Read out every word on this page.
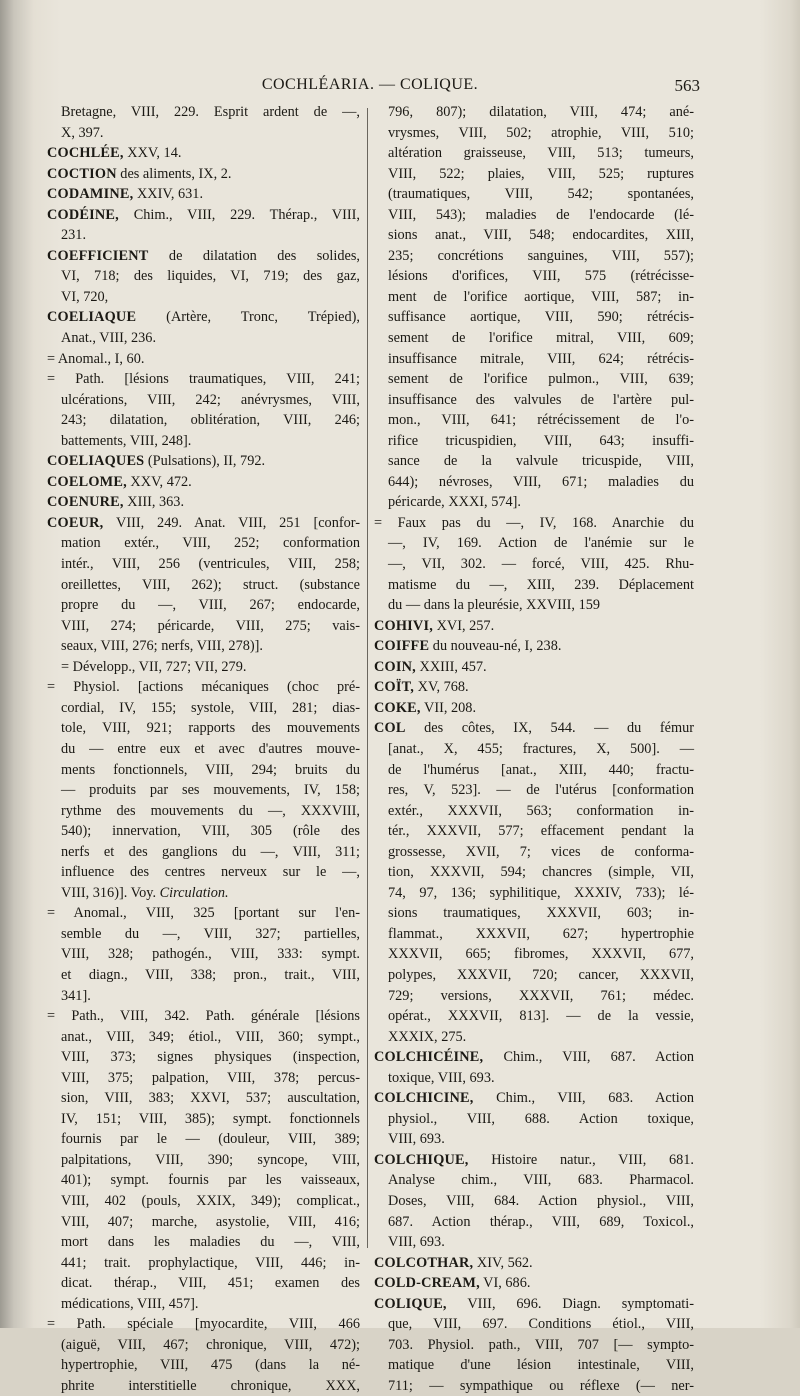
COCHLÉARIA. — COLIQUE.	563
Bretagne, VIII, 229. Esprit ardent de —,
X, 397.
COCHLÉE, XXV, 14.
COCTION des aliments, IX, 2.
CODAMINE, XXIV, 631.
CODÉINE, Chim., VIII, 229. Thérap., VIII,
231.
COEFFICIENT de dilatation des solides,
VI, 718; des liquides, VI, 719; des gaz,
VI, 720,
COELIAQUE (Artère, Tronc, Trépied),
Anat., VIII, 236.
= Anomal., I, 60.
= Path. [lésions traumatiques, VIII, 241;
ulcérations, VIII, 242; anévrysmes, VIII,
243; dilatation, oblitération, VIII, 246;
battements, VIII, 248].
COELIAQUES (Pulsations), II, 792.
COELOME, XXV, 472.
COENURE, XIII, 363.
COEUR, VIII, 249. Anat. VIII, 251 [confor-
mation extér., VIII, 252; conformation
intér., VIII, 256 (ventricules, VIII, 258;
oreillettes, VIII, 262); struct. (substance
propre du —, VIII, 267; endocarde,
VIII, 274; péricarde, VIII, 275; vais-
seaux, VIII, 276; nerfs, VIII, 278)].
= Développ., VII, 727; VII, 279.
= Physiol. [actions mécaniques (choc pré-
cordial, IV, 155; systole, VIII, 281; dias-
tole, VIII, 921; rapports des mouvements
du — entre eux et avec d'autres mouve-
ments fonctionnels, VIII, 294; bruits du
— produits par ses mouvements, IV, 158;
rythme des mouvements du —, XXXVIII,
540); innervation, VIII, 305 (rôle des
nerfs et des ganglions du —, VIII, 311;
influence des centres nerveux sur le —,
VIII, 316)]. Voy. Circulation.
= Anomal., VIII, 325 [portant sur l'en-
semble du —, VIII, 327; partielles,
VIII, 328; pathogén., VIII, 333: sympt.
et diagn., VIII, 338; pron., trait., VIII,
341].
= Path., VIII, 342. Path. générale [lésions
anat., VIII, 349; étiol., VIII, 360; sympt.,
VIII, 373; signes physiques (inspection,
VIII, 375; palpation, VIII, 378; percus-
sion, VIII, 383; XXVI, 537; auscultation,
IV, 151; VIII, 385); sympt. fonctionnels
fournis par le — (douleur, VIII, 389;
palpitations, VIII, 390; syncope, VIII,
401); sympt. fournis par les vaisseaux,
VIII, 402 (pouls, XXIX, 349); complicat.,
VIII, 407; marche, asystolie, VIII, 416;
mort dans les maladies du —, VIII,
441; trait. prophylactique, VIII, 446; in-
dicat. thérap., VIII, 451; examen des
médications, VIII, 457].
= Path. spéciale [myocardite, VIII, 466
(aiguë, VIII, 467; chronique, VIII, 472);
hypertrophie, VIII, 475 (dans la né-
phrite interstitielle chronique, XXX,
796, 807); dilatation, VIII, 474; ané-
vrysmes, VIII, 502; atrophie, VIII, 510;
altération graisseuse, VIII, 513; tumeurs,
VIII, 522; plaies, VIII, 525; ruptures
(traumatiques, VIII, 542; spontanées,
VIII, 543); maladies de l'endocarde (lé-
sions anat., VIII, 548; endocardites, XIII,
235; concrétions sanguines, VIII, 557);
lésions d'orifices, VIII, 575 (rétrécisse-
ment de l'orifice aortique, VIII, 587; in-
suffisance aortique, VIII, 590; rétrécis-
sement de l'orifice mitral, VIII, 609;
insuffisance mitrale, VIII, 624; rétrécis-
sement de l'orifice pulmon., VIII, 639;
insuffisance des valvules de l'artère pul-
mon., VIII, 641; rétrécissement de l'o-
rifice tricuspidien, VIII, 643; insuffi-
sance de la valvule tricuspide, VIII,
644); névroses, VIII, 671; maladies du
péricarde, XXXI, 574].
= Faux pas du —, IV, 168. Anarchie du
—, IV, 169. Action de l'anémie sur le
—, VII, 302. — forcé, VIII, 425. Rhu-
matisme du —, XIII, 239. Déplacement
du — dans la pleurésie, XXVIII, 159
COHIVI, XVI, 257.
COIFFE du nouveau-né, I, 238.
COIN, XXIII, 457.
COÏT, XV, 768.
COKE, VII, 208.
COL des côtes, IX, 544. — du fémur
[anat., X, 455; fractures, X, 500]. —
de l'humérus [anat., XIII, 440; fractu-
res, V, 523]. — de l'utérus [conformation
extér., XXXVII, 563; conformation in-
tér., XXXVII, 577; effacement pendant la
grossesse, XVII, 7; vices de conforma-
tion, XXXVII, 594; chancres (simple, VII,
74, 97, 136; syphilitique, XXXIV, 733); lé-
sions traumatiques, XXXVII, 603; in-
flammat., XXXVII, 627; hypertrophie
XXXVII, 665; fibromes, XXXVII, 677,
polypes, XXXVII, 720; cancer, XXXVII,
729; versions, XXXVII, 761; médec.
opérat., XXXVII, 813]. — de la vessie,
XXXIX, 275.
COLCHICÉINE, Chim., VIII, 687. Action
toxique, VIII, 693.
COLCHICINE, Chim., VIII, 683. Action
physiol., VIII, 688. Action toxique,
VIII, 693.
COLCHIQUE, Histoire natur., VIII, 681.
Analyse chim., VIII, 683. Pharmacol.
Doses, VIII, 684. Action physiol., VIII,
687. Action thérap., VIII, 689, Toxicol.,
VIII, 693.
COLCOTHAR, XIV, 562.
COLD-CREAM, VI, 686.
COLIQUE, VIII, 696. Diagn. symptomati-
que, VIII, 697. Conditions étiol., VIII,
703. Physiol. path., VIII, 707 [— sympto-
matique d'une lésion intestinale, VIII,
711; — sympathique ou réflexe (— ner-
